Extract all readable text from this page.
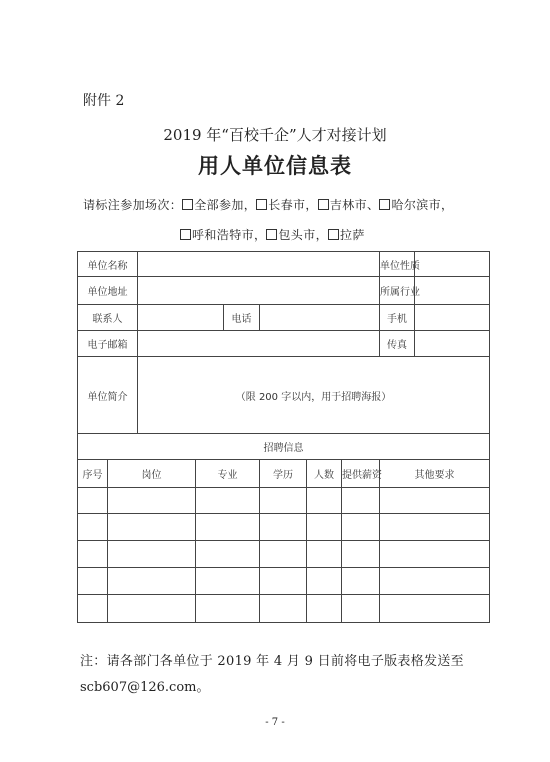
附件 2
2019 年“百校千企”人才对接计划
用人单位信息表
请标注参加场次： 全部参加， 长春市， 吉林市、 哈尔滨市，
呼和浩特市， 包头市， 拉萨
单位名称								单位性质	
单位地址								所属行业	
联系人				电话				手机	
电子邮箱								传真	
单位简介		（限 200 字以内，用于招聘海报）							
招聘信息									
序号	岗位		专业		学历	人数	提供薪资	其他要求	

注：请各部门各单位于 2019 年 4 月 9 日前将电子版表格发送至
scb607@126.com。
- 7 -
